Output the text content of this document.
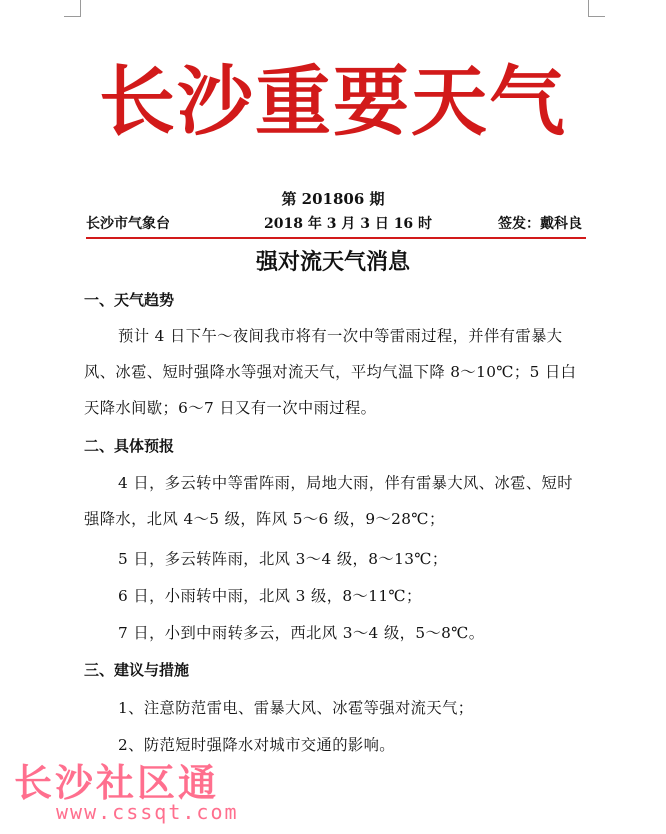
长沙重要天气
第 201806 期
长沙市气象台	2018 年 3 月 3 日 16 时	签发：戴科良
强对流天气消息
一、天气趋势
预计 4 日下午～夜间我市将有一次中等雷雨过程，并伴有雷暴大风、冰雹、短时强降水等强对流天气，平均气温下降 8～10℃；5 日白天降水间歇；6～7 日又有一次中雨过程。
二、具体预报
4 日，多云转中等雷阵雨，局地大雨，伴有雷暴大风、冰雹、短时强降水，北风 4～5 级，阵风 5～6 级，9～28℃；
5 日，多云转阵雨，北风 3～4 级，8～13℃；
6 日，小雨转中雨，北风 3 级，8～11℃；
7 日，小到中雨转多云，西北风 3～4 级，5～8℃。
三、建议与措施
1、注意防范雷电、雷暴大风、冰雹等强对流天气；
2、防范短时强降水对城市交通的影响。
长沙社区通
www.cssqt.com
